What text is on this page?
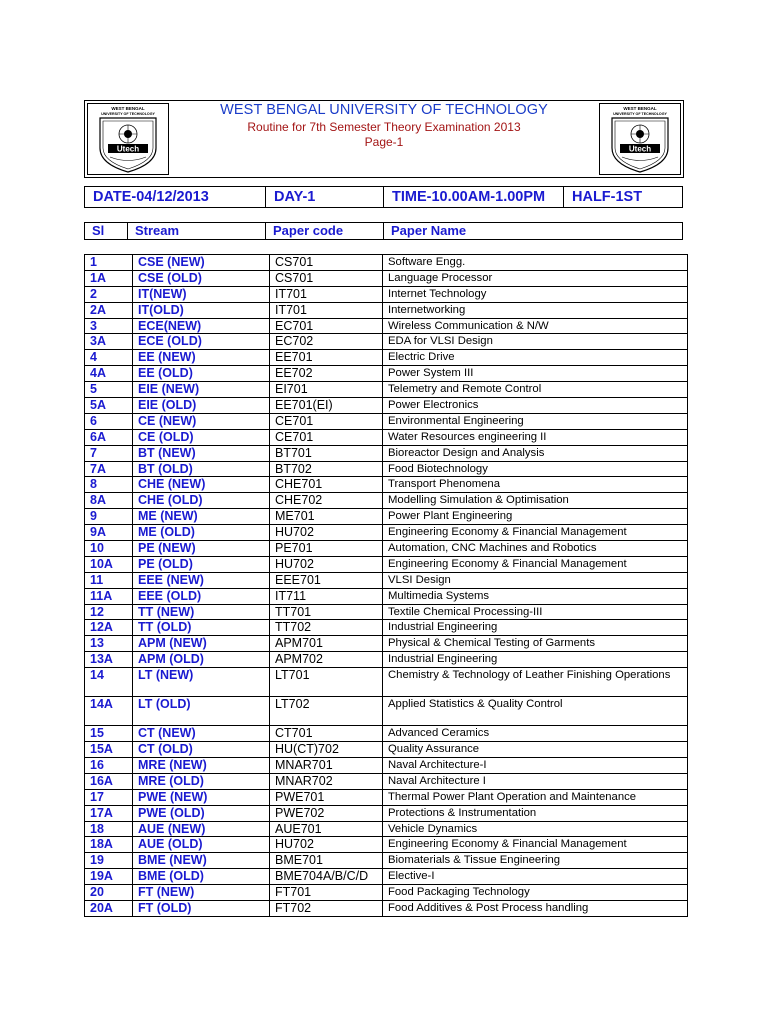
WEST BENGAL
UNIVERSITY OF TECHNOLOGY
Utech
WEST BENGAL UNIVERSITY OF TECHNOLOGY
Routine for 7th Semester Theory Examination 2013
Page-1
WEST BENGAL
UNIVERSITY OF TECHNOLOGY
Utech
DATE-04/12/2013	DAY-1	TIME-10.00AM-1.00PM	HALF-1ST
Sl	Stream	Paper code	Paper Name
1	CSE (NEW)	CS701	Software Engg.
1A	CSE (OLD)	CS701	Language Processor
2	IT(NEW)	IT701	Internet Technology
2A	IT(OLD)	IT701	Internetworking
3	ECE(NEW)	EC701	Wireless Communication & N/W
3A	ECE (OLD)	EC702	EDA for VLSI Design
4	EE (NEW)	EE701	Electric Drive
4A	EE (OLD)	EE702	Power System III
5	EIE (NEW)	EI701	Telemetry and Remote Control
5A	EIE (OLD)	EE701(EI)	Power Electronics
6	CE (NEW)	CE701	Environmental Engineering
6A	CE (OLD)	CE701	Water Resources engineering II
7	BT (NEW)	BT701	Bioreactor Design and Analysis
7A	BT (OLD)	BT702	Food Biotechnology
8	CHE (NEW)	CHE701	Transport Phenomena
8A	CHE (OLD)	CHE702	Modelling Simulation & Optimisation
9	ME (NEW)	ME701	Power Plant Engineering
9A	ME (OLD)	HU702	Engineering Economy & Financial Management
10	PE (NEW)	PE701	Automation, CNC Machines and Robotics
10A	PE (OLD)	HU702	Engineering Economy & Financial Management
11	EEE (NEW)	EEE701	VLSI Design
11A	EEE (OLD)	IT711	Multimedia Systems
12	TT (NEW)	TT701	Textile Chemical Processing-III
12A	TT (OLD)	TT702	Industrial Engineering
13	APM (NEW)	APM701	Physical & Chemical Testing of Garments
13A	APM (OLD)	APM702	Industrial Engineering
14	LT (NEW)	LT701	Chemistry & Technology of Leather Finishing Operations
14A	LT (OLD)	LT702	Applied Statistics & Quality Control
15	CT (NEW)	CT701	Advanced Ceramics
15A	CT (OLD)	HU(CT)702	Quality Assurance
16	MRE (NEW)	MNAR701	Naval Architecture-I
16A	MRE (OLD)	MNAR702	Naval Architecture I
17	PWE (NEW)	PWE701	Thermal Power Plant Operation and Maintenance
17A	PWE (OLD)	PWE702	Protections & Instrumentation
18	AUE (NEW)	AUE701	Vehicle Dynamics
18A	AUE (OLD)	HU702	Engineering Economy & Financial Management
19	BME (NEW)	BME701	Biomaterials & Tissue Engineering
19A	BME (OLD)	BME704A/B/C/D	Elective-I
20	FT (NEW)	FT701	Food Packaging Technology
20A	FT (OLD)	FT702	Food Additives & Post Process handling
